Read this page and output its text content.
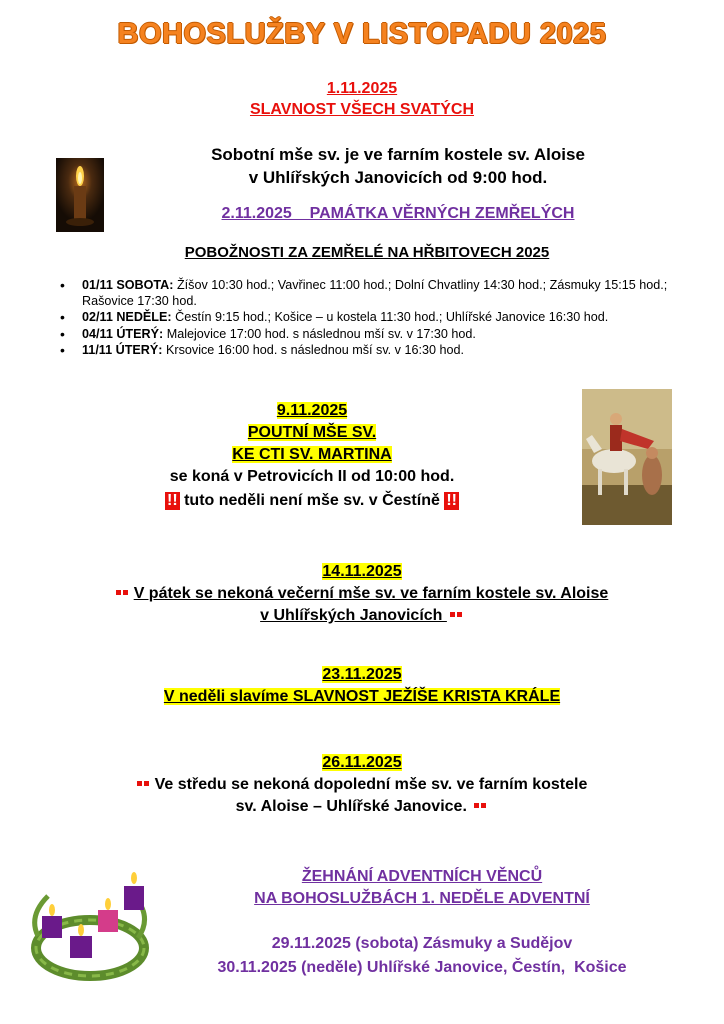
BOHOSLUŽBY V LISTOPADU 2025
1.11.2025
SLAVNOST VŠECH SVATÝCH
Sobotní mše sv. je ve farním kostele sv. Aloise
v Uhlířských Janovicích od 9:00 hod.
2.11.2025    PAMÁTKA VĚRNÝCH ZEMŘELÝCH
POBOŽNOSTI ZA ZEMŘELÉ NA HŘBITOVECH 2025
• 01/11 SOBOTA: Žíšov 10:30 hod.; Vavřinec 11:00 hod.; Dolní Chvatliny 14:30 hod.; Zásmuky 15:15 hod.; Rašovice 17:30 hod.
• 02/11 NEDĚLE: Čestín 9:15 hod.; Košice – u kostela 11:30 hod.; Uhlířské Janovice 16:30 hod.
• 04/11 ÚTERÝ: Malejovice 17:00 hod. s následnou mší sv. v 17:30 hod.
• 11/11 ÚTERÝ: Krsovice 16:00 hod. s následnou mší sv. v 16:30 hod.
9.11.2025
POUTNÍ MŠE SV.
KE CTI SV. MARTINA
se koná v Petrovicích II od 10:00 hod.
!! tuto neděli není mše sv. v Čestíně !!
14.11.2025
V pátek se nekoná večerní mše sv. ve farním kostele sv. Aloise
v Uhlířských Janovicích
23.11.2025
V neděli slavíme SLAVNOST JEŽÍŠE KRISTA KRÁLE
26.11.2025
Ve středu se nekoná dopolední mše sv. ve farním kostele
sv. Aloise – Uhlířské Janovice.
ŽEHNÁNÍ ADVENTNÍCH VĚNCŮ
NA BOHOSLUŽBÁCH 1. NEDĚLE ADVENTNÍ
29.11.2025 (sobota) Zásmuky a Sudějov
30.11.2025 (neděle) Uhlířské Janovice, Čestín,  Košice
